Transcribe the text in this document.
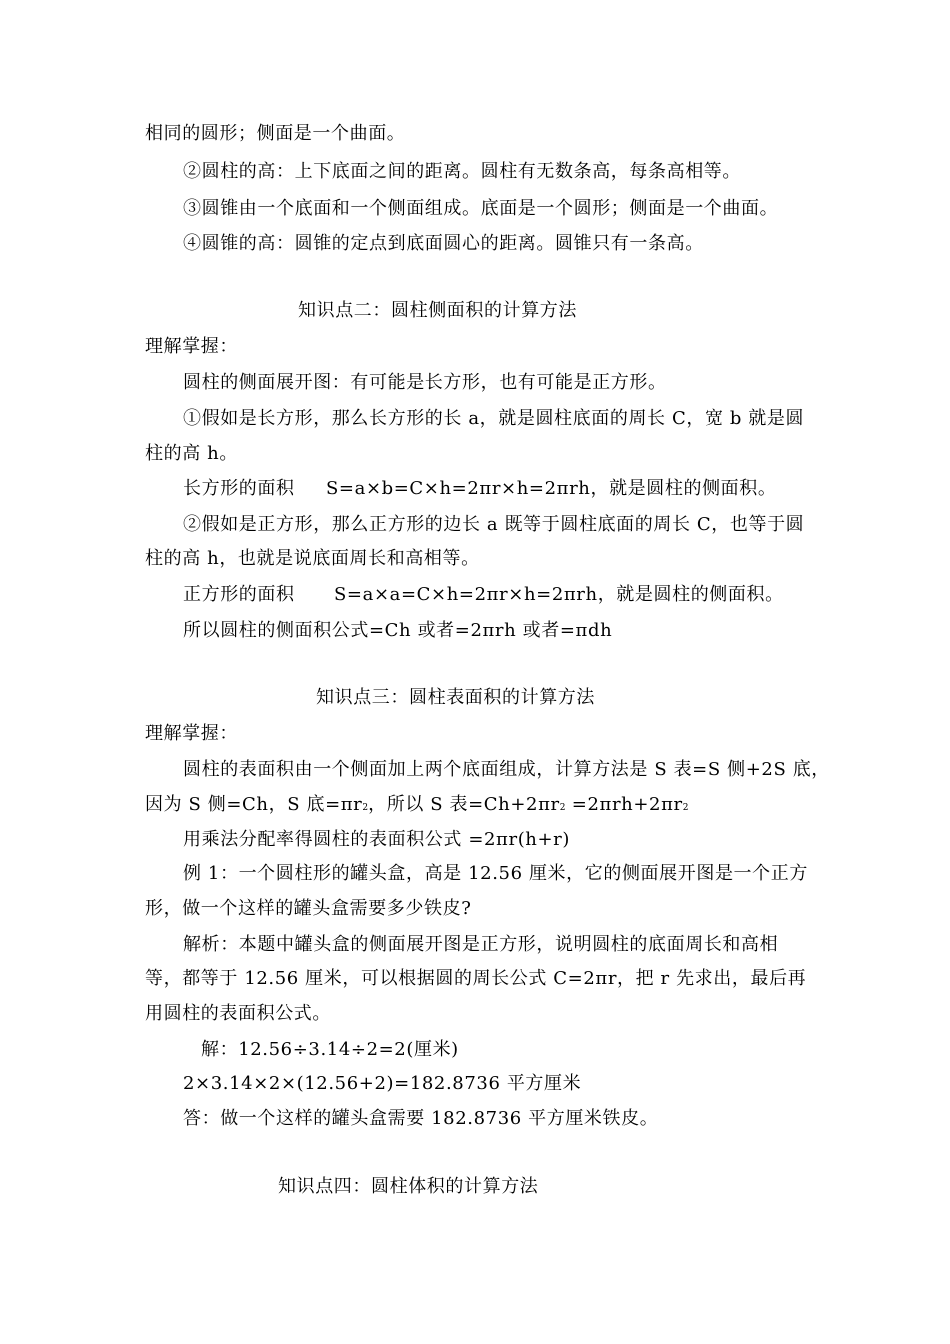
相同的圆形；侧面是一个曲面。
②圆柱的高：上下底面之间的距离。圆柱有无数条高，每条高相等。
③圆锥由一个底面和一个侧面组成。底面是一个圆形；侧面是一个曲面。
④圆锥的高：圆锥的定点到底面圆心的距离。圆锥只有一条高。
知识点二：圆柱侧面积的计算方法
理解掌握：
圆柱的侧面展开图：有可能是长方形，也有可能是正方形。
①假如是长方形，那么长方形的长 a，就是圆柱底面的周长 C，宽 b 就是圆
柱的高 h。
长方形的面积 S=a×b=C×h=2πr×h=2πrh，就是圆柱的侧面积。
②假如是正方形，那么正方形的边长 a 既等于圆柱底面的周长 C，也等于圆
柱的高 h，也就是说底面周长和高相等。
正方形的面积 S=a×a=C×h=2πr×h=2πrh，就是圆柱的侧面积。
所以圆柱的侧面积公式=Ch 或者=2πrh 或者=πdh
知识点三：圆柱表面积的计算方法
理解掌握：
圆柱的表面积由一个侧面加上两个底面组成，计算方法是 S 表=S 侧+2S 底，
因为 S 侧=Ch，S 底=πr2，所以 S 表=Ch+2πr2 =2πrh+2πr2
用乘法分配率得圆柱的表面积公式 =2πr(h+r)
例 1：一个圆柱形的罐头盒，高是 12.56 厘米，它的侧面展开图是一个正方
形，做一个这样的罐头盒需要多少铁皮?
解析：本题中罐头盒的侧面展开图是正方形，说明圆柱的底面周长和高相
等，都等于 12.56 厘米，可以根据圆的周长公式 C=2πr，把 r 先求出，最后再
用圆柱的表面积公式。
解：12.56÷3.14÷2=2(厘米)
2×3.14×2×(12.56+2)=182.8736 平方厘米
答：做一个这样的罐头盒需要 182.8736 平方厘米铁皮。
知识点四：圆柱体积的计算方法
